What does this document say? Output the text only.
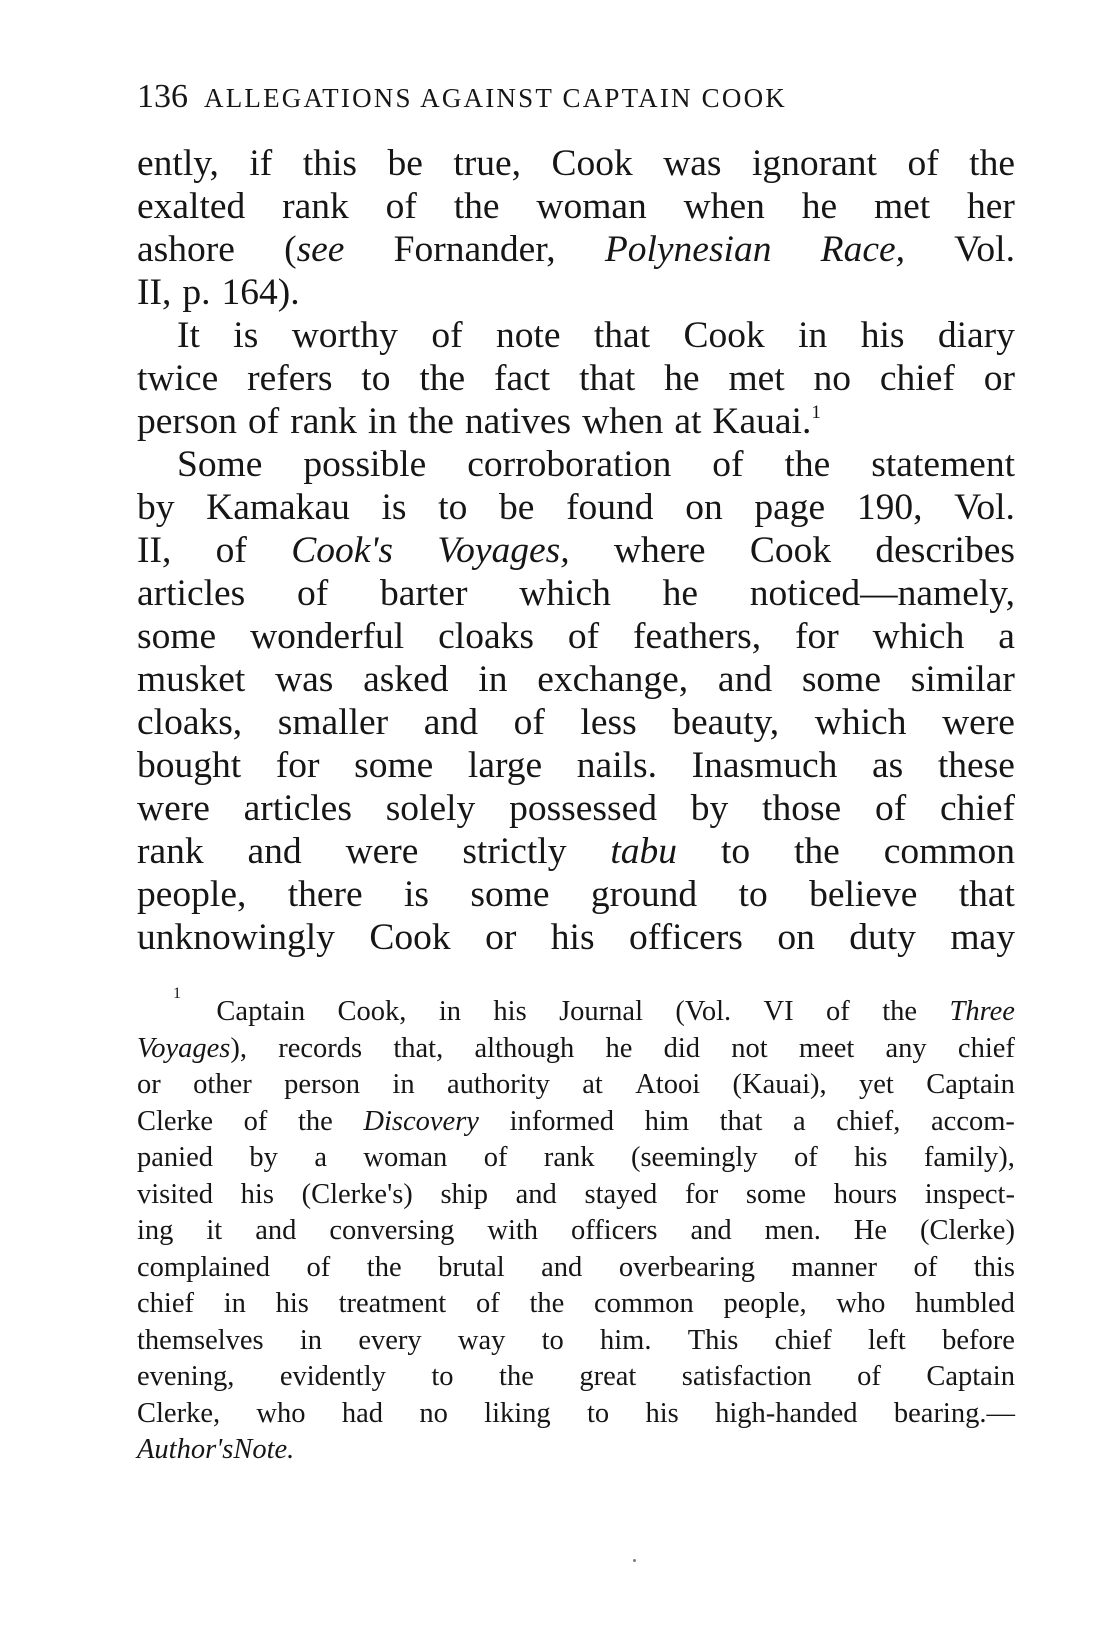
136 ALLEGATIONS AGAINST CAPTAIN COOK
ently, if this be true, Cook was ignorant of the
exalted rank of the woman when he met her
ashore (see Fornander, Polynesian Race, Vol.
II, p. 164).
It is worthy of note that Cook in his diary
twice refers to the fact that he met no chief or
person of rank in the natives when at Kauai.$^1$
Some possible corroboration of the statement
by Kamakau is to be found on page 190, Vol.
II, of Cook's Voyages, where Cook describes
articles of barter which he noticed—namely,
some wonderful cloaks of feathers, for which a
musket was asked in exchange, and some similar
cloaks, smaller and of less beauty, which were
bought for some large nails. Inasmuch as these
were articles solely possessed by those of chief
rank and were strictly tabu to the common
people, there is some ground to believe that
unknowingly Cook or his officers on duty may
1
Captain Cook, in his Journal (Vol. VI of the Three
Voyages), records that, although he did not meet any chief
or other person in authority at Atooi (Kauai), yet Captain
Clerke of the Discovery informed him that a chief, accom-
panied by a woman of rank (seemingly of his family),
visited his (Clerke's) ship and stayed for some hours inspect-
ing it and conversing with officers and men. He (Clerke)
complained of the brutal and overbearing manner of this
chief in his treatment of the common people, who humbled
themselves in every way to him. This chief left before
evening, evidently to the great satisfaction of Captain
Clerke, who had no liking to his high-handed bearing.—
Author's Note.
